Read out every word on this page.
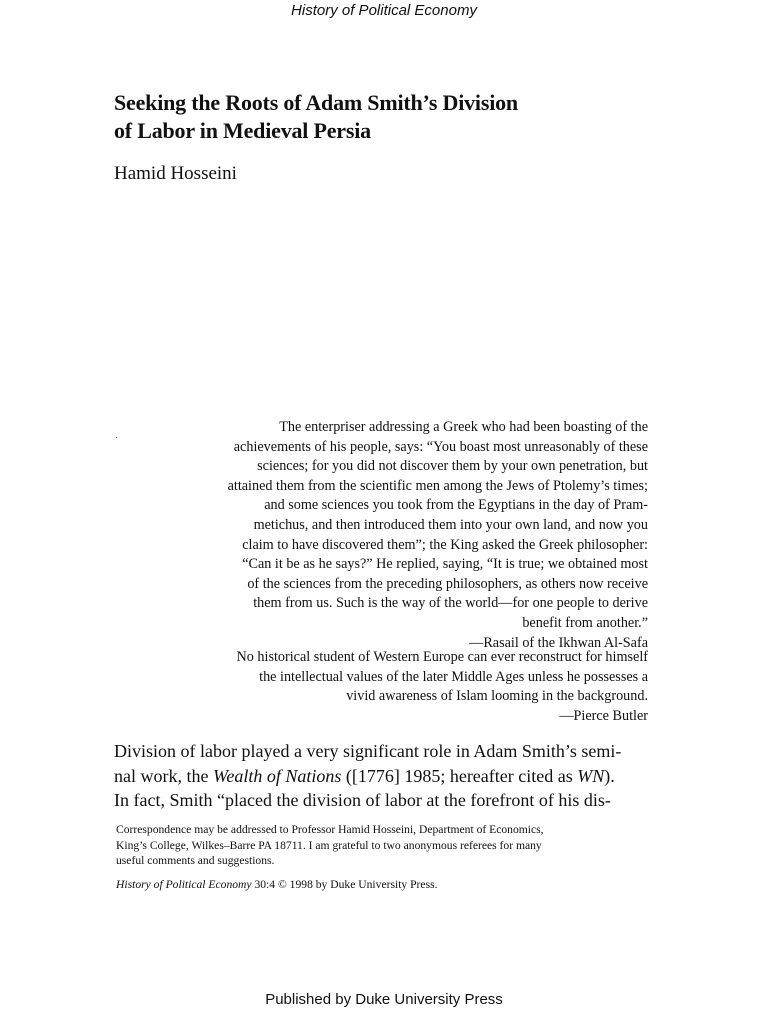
History of Political Economy
Seeking the Roots of Adam Smith’s Division
of Labor in Medieval Persia
Hamid Hosseini
The enterpriser addressing a Greek who had been boasting of the
achievements of his people, says: “You boast most unreasonably of these
sciences; for you did not discover them by your own penetration, but
attained them from the scientific men among the Jews of Ptolemy’s times;
and some sciences you took from the Egyptians in the day of Pram-
metichus, and then introduced them into your own land, and now you
claim to have discovered them”; the King asked the Greek philosopher:
“Can it be as he says?” He replied, saying, “It is true; we obtained most
of the sciences from the preceding philosophers, as others now receive
them from us. Such is the way of the world—for one people to derive
benefit from another.”
—Rasail of the Ikhwan Al-Safa
No historical student of Western Europe can ever reconstruct for himself
the intellectual values of the later Middle Ages unless he possesses a
vivid awareness of Islam looming in the background.
—Pierce Butler
Division of labor played a very significant role in Adam Smith’s semi-
nal work, the Wealth of Nations ([1776] 1985; hereafter cited as WN).
In fact, Smith “placed the division of labor at the forefront of his dis-
Correspondence may be addressed to Professor Hamid Hosseini, Department of Economics,
King’s College, Wilkes–Barre PA 18711. I am grateful to two anonymous referees for many
useful comments and suggestions.
History of Political Economy 30:4 © 1998 by Duke University Press.
Published by Duke University Press
